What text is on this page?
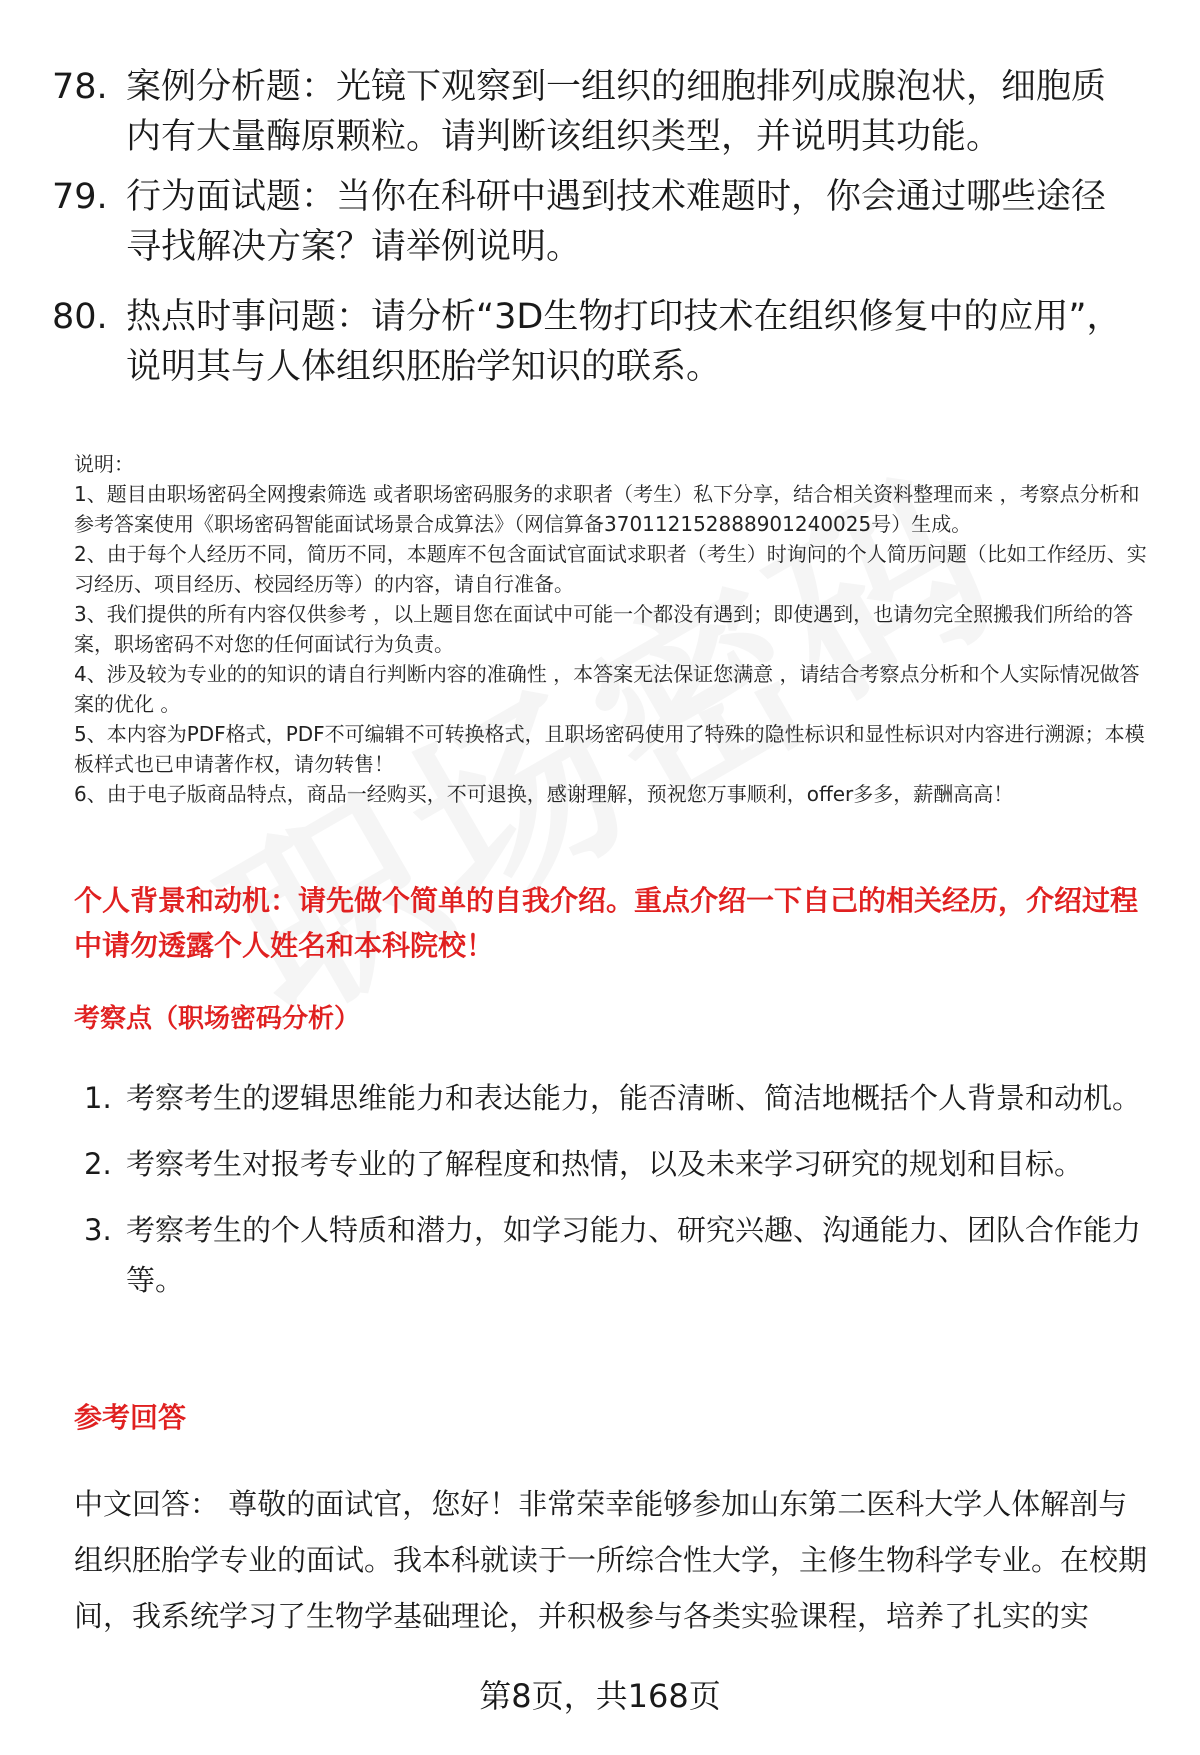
78. 案例分析题：光镜下观察到一组织的细胞排列成腺泡状，细胞质内有大量酶原颗粒。请判断该组织类型，并说明其功能。
79. 行为面试题：当你在科研中遇到技术难题时，你会通过哪些途径寻找解决方案？请举例说明。
80. 热点时事问题：请分析“3D生物打印技术在组织修复中的应用”，说明其与人体组织胚胎学知识的联系。
说明：
1、题目由职场密码全网搜索筛选 或者职场密码服务的求职者（考生）私下分享，结合相关资料整理而来 ，考察点分析和参考答案使用《职场密码智能面试场景合成算法》（网信算备370112152888901240025号）生成。
2、由于每个人经历不同，简历不同，本题库不包含面试官面试求职者（考生）时询问的个人简历问题（比如工作经历、实习经历、项目经历、校园经历等）的内容，请自行准备。
3、我们提供的所有内容仅供参考 ，以上题目您在面试中可能一个都没有遇到；即使遇到，也请勿完全照搬我们所给的答案，职场密码不对您的任何面试行为负责。
4、涉及较为专业的的知识的请自行判断内容的准确性 ，本答案无法保证您满意 ，请结合考察点分析和个人实际情况做答案的优化 。
5、本内容为PDF格式，PDF不可编辑不可转换格式，且职场密码使用了特殊的隐性标识和显性标识对内容进行溯源；本模板样式也已申请著作权，请勿转售！
6、由于电子版商品特点，商品一经购买，不可退换，感谢理解，预祝您万事顺利，offer多多，薪酬高高！
个人背景和动机：请先做个简单的自我介绍。重点介绍一下自己的相关经历，介绍过程中请勿透露个人姓名和本科院校！
考察点（职场密码分析）
1. 考察考生的逻辑思维能力和表达能力，能否清晰、简洁地概括个人背景和动机。
2. 考察考生对报考专业的了解程度和热情，以及未来学习研究的规划和目标。
3. 考察考生的个人特质和潜力，如学习能力、研究兴趣、沟通能力、团队合作能力等。
参考回答
中文回答： 尊敬的面试官，您好！非常荣幸能够参加山东第二医科大学人体解剖与组织胚胎学专业的面试。我本科就读于一所综合性大学，主修生物科学专业。在校期间，我系统学习了生物学基础理论，并积极参与各类实验课程，培养了扎实的实
第8页，共168页
